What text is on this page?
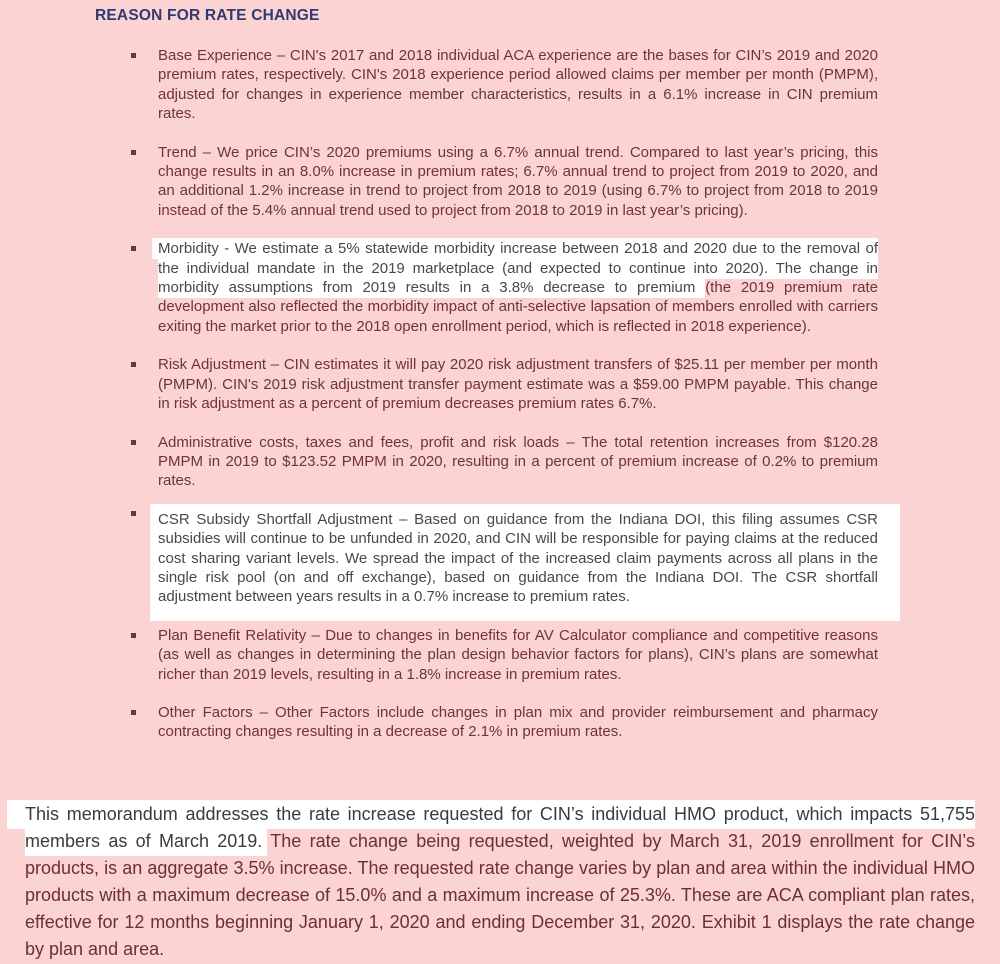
REASON FOR RATE CHANGE
Base Experience – CIN's 2017 and 2018 individual ACA experience are the bases for CIN’s 2019 and 2020 premium rates, respectively. CIN's 2018 experience period allowed claims per member per month (PMPM), adjusted for changes in experience member characteristics, results in a 6.1% increase in CIN premium rates.
Trend – We price CIN’s 2020 premiums using a 6.7% annual trend. Compared to last year’s pricing, this change results in an 8.0% increase in premium rates; 6.7% annual trend to project from 2019 to 2020, and an additional 1.2% increase in trend to project from 2018 to 2019 (using 6.7% to project from 2018 to 2019 instead of the 5.4% annual trend used to project from 2018 to 2019 in last year’s pricing).
Morbidity - We estimate a 5% statewide morbidity increase between 2018 and 2020 due to the removal of the individual mandate in the 2019 marketplace (and expected to continue into 2020). The change in morbidity assumptions from 2019 results in a 3.8% decrease to premium (the 2019 premium rate development also reflected the morbidity impact of anti-selective lapsation of members enrolled with carriers exiting the market prior to the 2018 open enrollment period, which is reflected in 2018 experience).
Risk Adjustment – CIN estimates it will pay 2020 risk adjustment transfers of $25.11 per member per month (PMPM). CIN's 2019 risk adjustment transfer payment estimate was a $59.00 PMPM payable. This change in risk adjustment as a percent of premium decreases premium rates 6.7%.
Administrative costs, taxes and fees, profit and risk loads – The total retention increases from $120.28 PMPM in 2019 to $123.52 PMPM in 2020, resulting in a percent of premium increase of 0.2% to premium rates.
CSR Subsidy Shortfall Adjustment – Based on guidance from the Indiana DOI, this filing assumes CSR subsidies will continue to be unfunded in 2020, and CIN will be responsible for paying claims at the reduced cost sharing variant levels. We spread the impact of the increased claim payments across all plans in the single risk pool (on and off exchange), based on guidance from the Indiana DOI. The CSR shortfall adjustment between years results in a 0.7% increase to premium rates.
Plan Benefit Relativity – Due to changes in benefits for AV Calculator compliance and competitive reasons (as well as changes in determining the plan design behavior factors for plans), CIN’s plans are somewhat richer than 2019 levels, resulting in a 1.8% increase in premium rates.
Other Factors – Other Factors include changes in plan mix and provider reimbursement and pharmacy contracting changes resulting in a decrease of 2.1% in premium rates.

This memorandum addresses the rate increase requested for CIN’s individual HMO product, which impacts 51,755 members as of March 2019. The rate change being requested, weighted by March 31, 2019 enrollment for CIN’s products, is an aggregate 3.5% increase. The requested rate change varies by plan and area within the individual HMO products with a maximum decrease of 15.0% and a maximum increase of 25.3%. These are ACA compliant plan rates, effective for 12 months beginning January 1, 2020 and ending December 31, 2020. Exhibit 1 displays the rate change by plan and area.
